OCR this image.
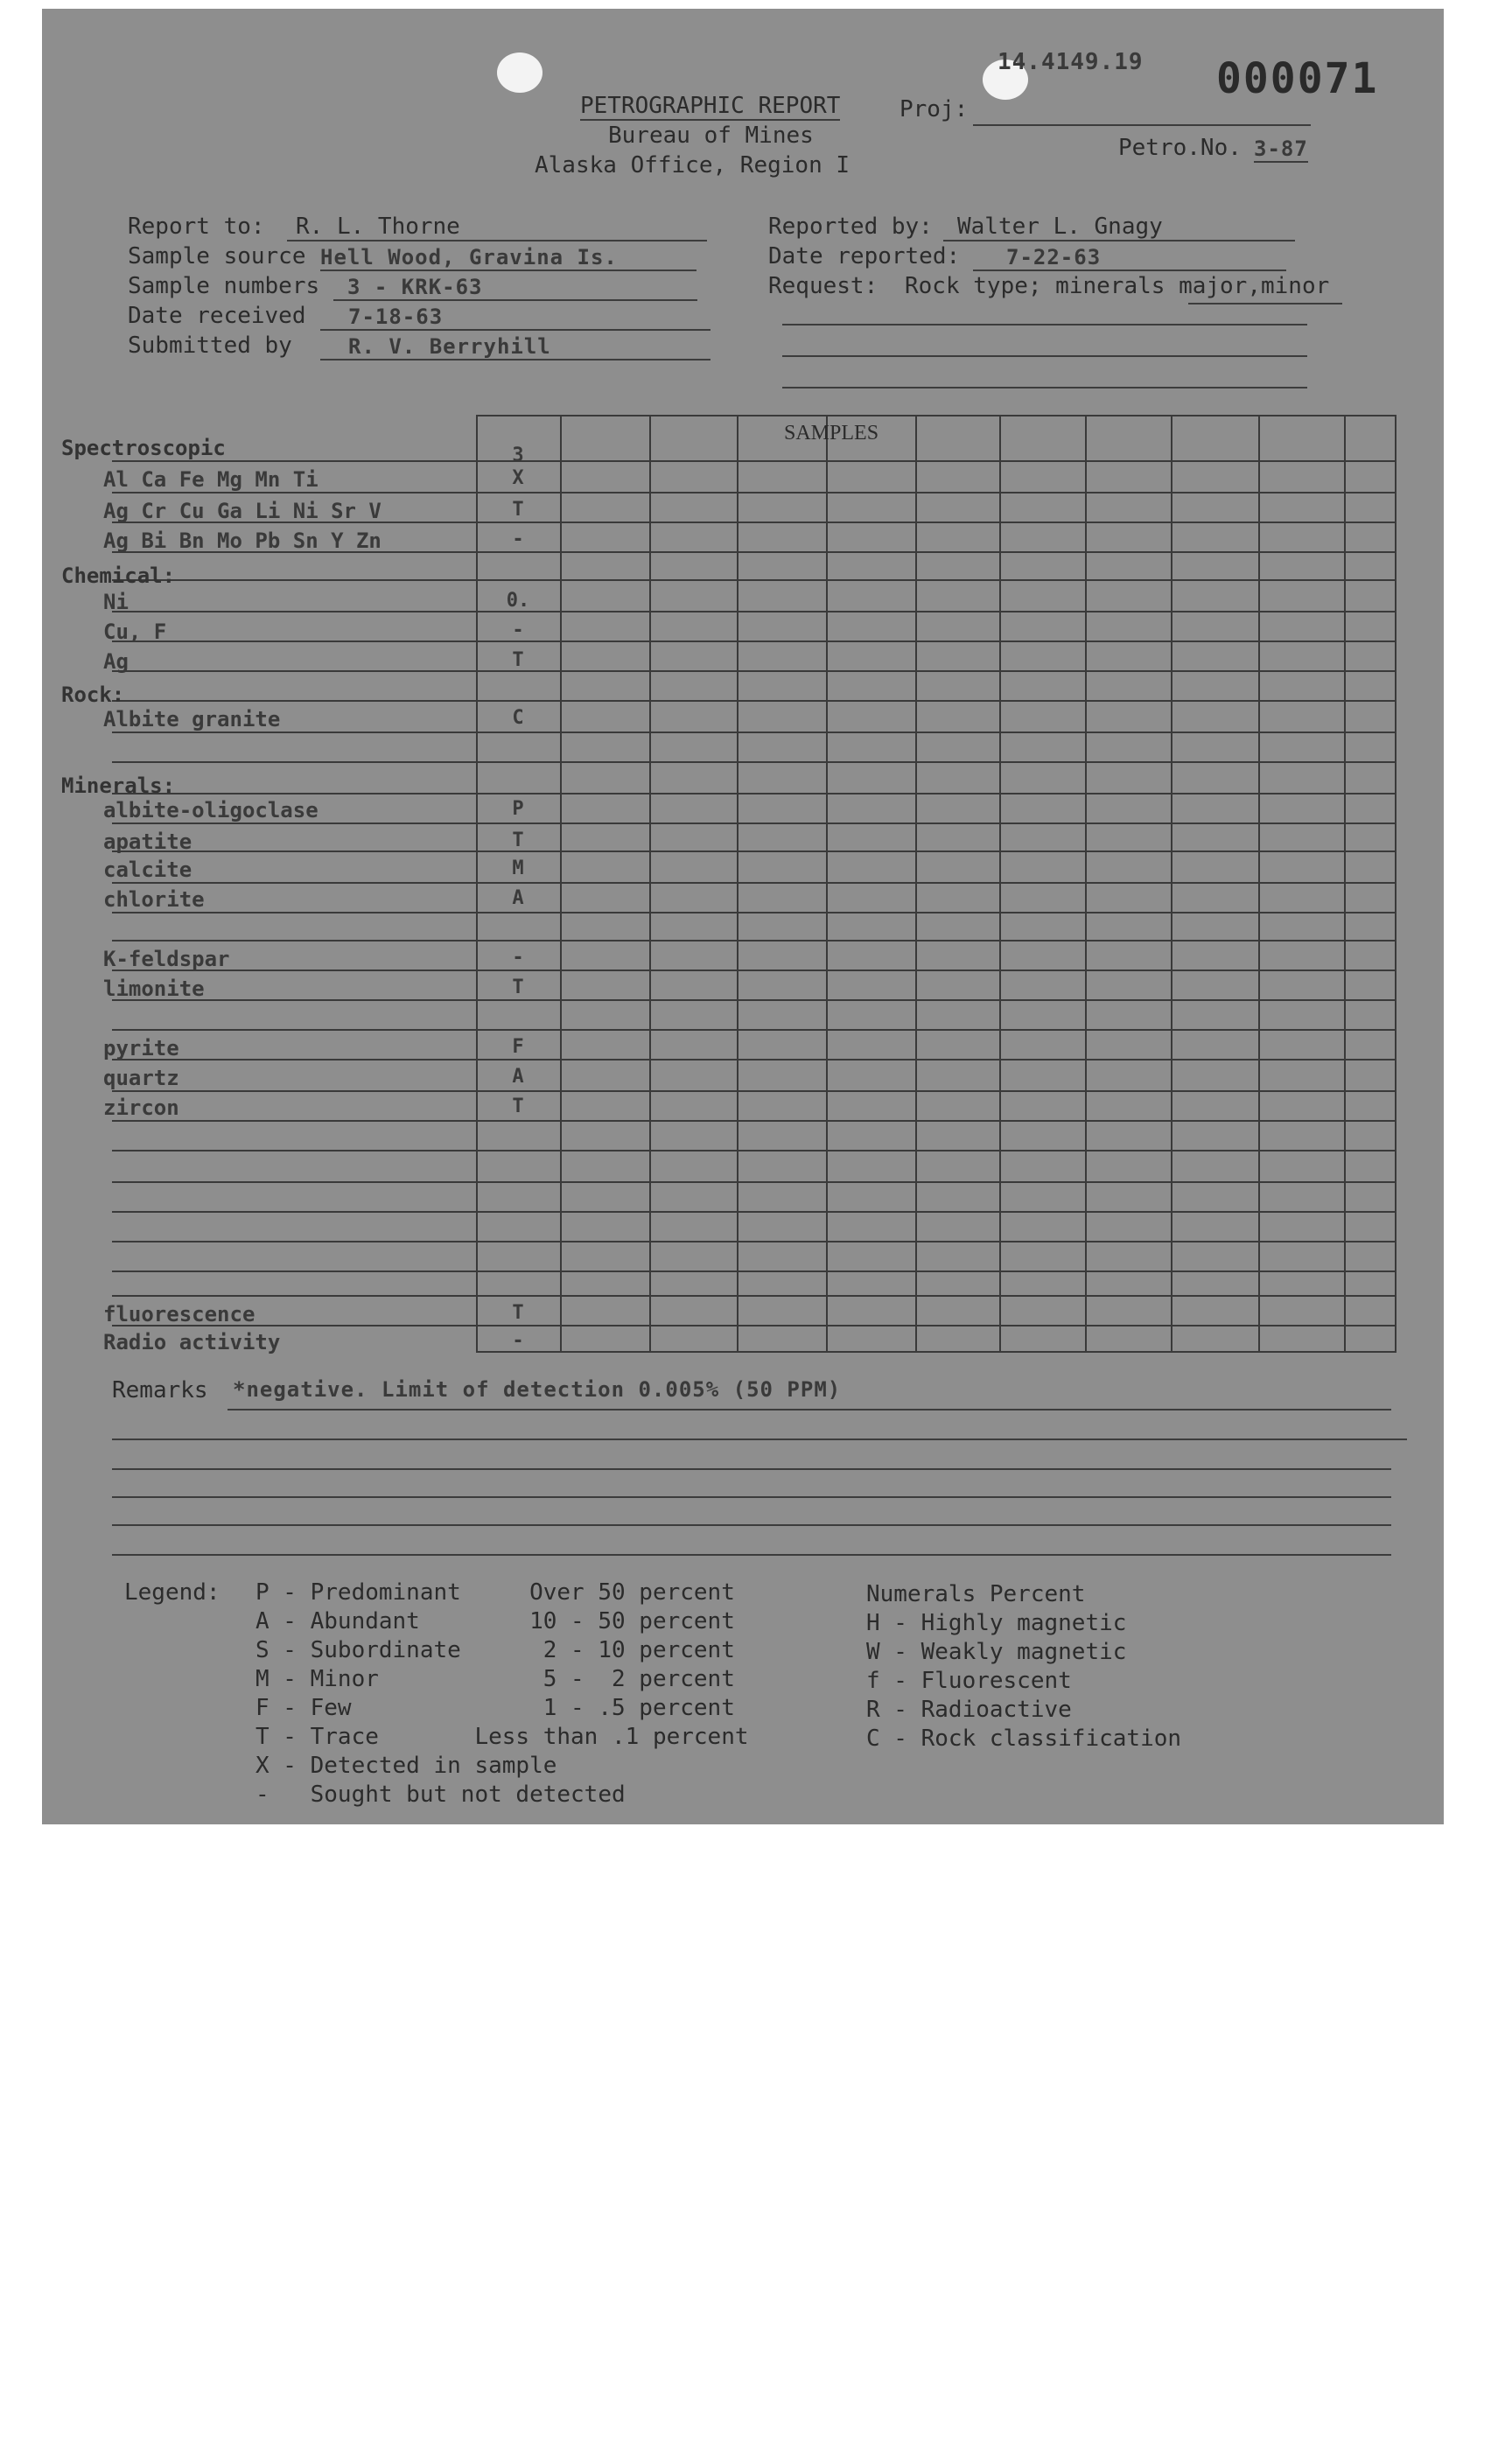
14.4149.19 000071
PETROGRAPHIC REPORT
Bureau of Mines
Alaska Office, Region I
Proj:
Petro.No. 3-87
Report to:	R. L. Thorne
Sample source Hell Wood, Gravina Is.
Sample numbers	3 - KRK-63
Date received	7-18-63
Submitted by	R. V. Berryhill
Reported by:	Walter L. Gnagy
Date reported:	7-22-63
Request: Rock type; minerals major,minor
SAMPLES
3
Spectroscopic
Chemical:
Rock:
Minerals:
Al Ca Fe Mg Mn Ti	X
Ag Cr Cu Ga Li Ni Sr V	T
Ag Bi Bn Mo Pb Sn Y Zn	-
Ni	0.
Cu, F	-
Ag	T
Albite granite	C
albite-oligoclase	P
apatite	T
calcite	M
chlorite	A
K-feldspar	-
limonite	T
pyrite	F
quartz	A
zircon	T
fluorescence	T
Radio activity	-
Remarks *negative. Limit of detection 0.005% (50 PPM)
Legend: P - Predominant     Over 50 percent
A - Abundant        10 - 50 percent
S - Subordinate      2 - 10 percent
M - Minor            5 -  2 percent
F - Few              1 - .5 percent
T - Trace       Less than .1 percent
X - Detected in sample
-   Sought but not detected
Numerals Percent
H - Highly magnetic
W - Weakly magnetic
f - Fluorescent
R - Radioactive
C - Rock classification
